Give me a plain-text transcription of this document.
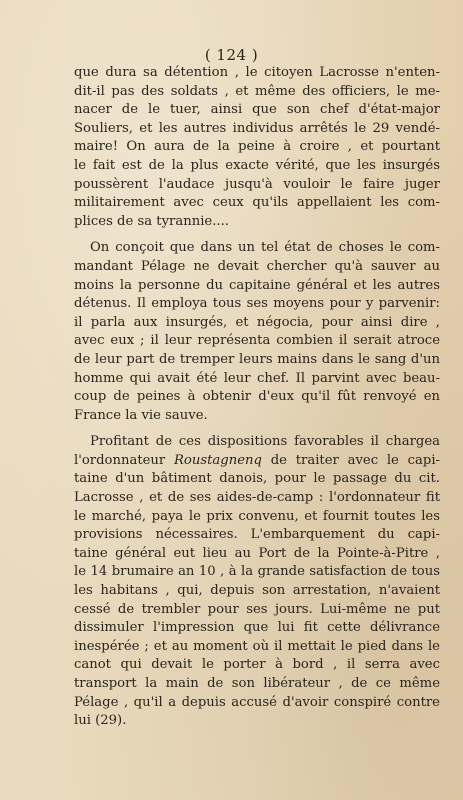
( 124 )

que dura sa détention , le citoyen Lacrosse n'enten-
dit-il pas des soldats , et même des officiers, le me-
nacer de le tuer, ainsi que son chef d'état-major
Souliers, et les autres individus arrêtés le 29 vendé-
maire! On aura de la peine à croire , et pourtant
le fait est de la plus exacte vérité, que les insurgés
poussèrent l'audace jusqu'à vouloir le faire juger
militairement avec ceux qu'ils appellaient les com-
plices de sa tyrannie....

On conçoit que dans un tel état de choses le com-
mandant Pélage ne devait chercher qu'à sauver au
moins la personne du capitaine général et les autres
détenus. Il employa tous ses moyens pour y parvenir:
il parla aux insurgés, et négocia, pour ainsi dire ,
avec eux ; il leur représenta combien il serait atroce
de leur part de tremper leurs mains dans le sang d'un
homme qui avait été leur chef. Il parvint avec beau-
coup de peines à obtenir d'eux qu'il fût renvoyé en
France la vie sauve.

Profitant de ces dispositions favorables il chargea
l'ordonnateur Roustagnenq de traiter avec le capi-
taine d'un bâtiment danois, pour le passage du cit.
Lacrosse , et de ses aides-de-camp : l'ordonnateur fit
le marché, paya le prix convenu, et fournit toutes les
provisions nécessaires. L'embarquement du capi-
taine général eut lieu au Port de la Pointe-à-Pitre ,
le 14 brumaire an 10 , à la grande satisfaction de tous
les habitans , qui, depuis son arrestation, n'avaient
cessé de trembler pour ses jours. Lui-même ne put
dissimuler l'impression que lui fit cette délivrance
inespérée ; et au moment où il mettait le pied dans le
canot qui devait le porter à bord , il serra avec
transport la main de son libérateur , de ce même
Pélage , qu'il a depuis accusé d'avoir conspiré contre
lui (29).
